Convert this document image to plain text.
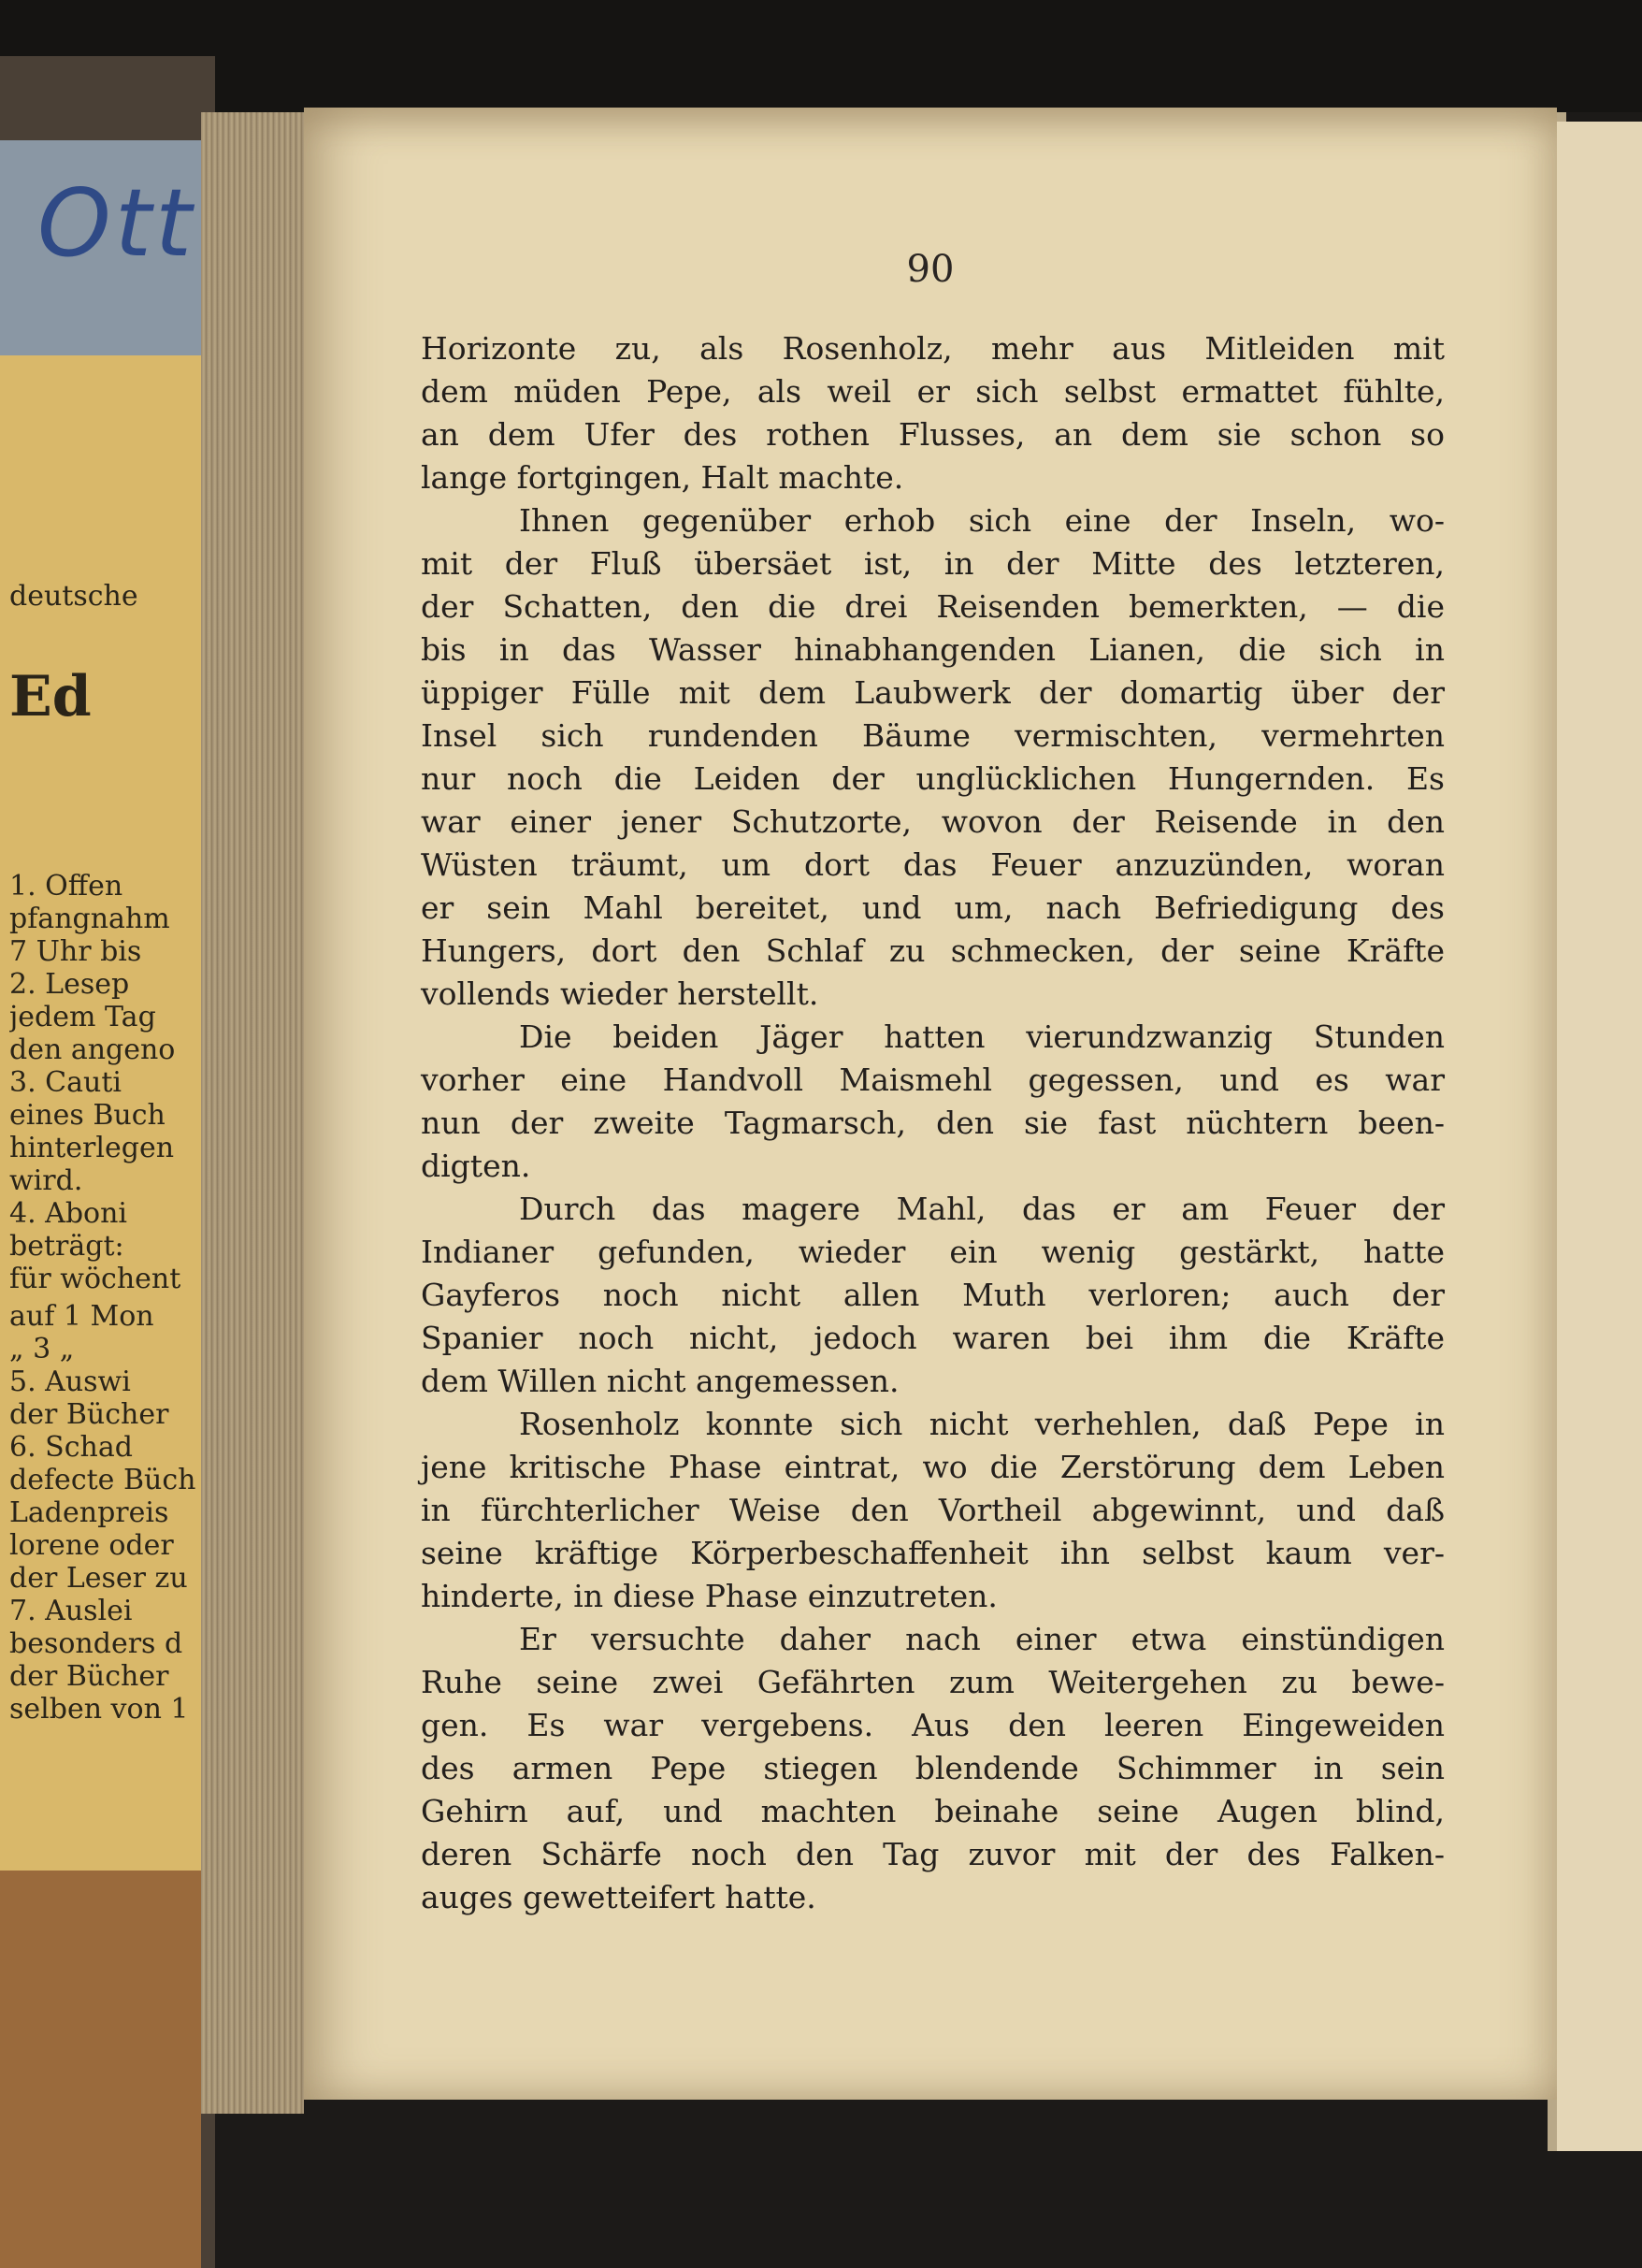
Ott
deutsche
Ed
1. Offen
pfangnahm
7 Uhr bis
2. Lesep
jedem Tag
den angeno
3. Cauti
eines Buch
hinterlegen
wird.
4. Aboni
beträgt:
für wöchent
auf 1 Mon
„ 3 „
5. Auswi
der Bücher
6. Schad
defecte Büch
Ladenpreis
lorene oder
der Leser zu
7. Auslei
besonders d
der Bücher
selben von 1
90
Horizonte zu, als Rosenholz, mehr aus Mitleiden mit
dem müden Pepe, als weil er sich selbst ermattet fühlte,
an dem Ufer des rothen Flusses, an dem sie schon so
lange fortgingen, Halt machte.
Ihnen gegenüber erhob sich eine der Inseln, wo-
mit der Fluß übersäet ist, in der Mitte des letzteren,
der Schatten, den die drei Reisenden bemerkten, — die
bis in das Wasser hinabhangenden Lianen, die sich in
üppiger Fülle mit dem Laubwerk der domartig über der
Insel sich rundenden Bäume vermischten, vermehrten
nur noch die Leiden der unglücklichen Hungernden. Es
war einer jener Schutzorte, wovon der Reisende in den
Wüsten träumt, um dort das Feuer anzuzünden, woran
er sein Mahl bereitet, und um, nach Befriedigung des
Hungers, dort den Schlaf zu schmecken, der seine Kräfte
vollends wieder herstellt.
Die beiden Jäger hatten vierundzwanzig Stunden
vorher eine Handvoll Maismehl gegessen, und es war
nun der zweite Tagmarsch, den sie fast nüchtern been-
digten.
Durch das magere Mahl, das er am Feuer der
Indianer gefunden, wieder ein wenig gestärkt, hatte
Gayferos noch nicht allen Muth verloren; auch der
Spanier noch nicht, jedoch waren bei ihm die Kräfte
dem Willen nicht angemessen.
Rosenholz konnte sich nicht verhehlen, daß Pepe in
jene kritische Phase eintrat, wo die Zerstörung dem Leben
in fürchterlicher Weise den Vortheil abgewinnt, und daß
seine kräftige Körperbeschaffenheit ihn selbst kaum ver-
hinderte, in diese Phase einzutreten.
Er versuchte daher nach einer etwa einstündigen
Ruhe seine zwei Gefährten zum Weitergehen zu bewe-
gen. Es war vergebens. Aus den leeren Eingeweiden
des armen Pepe stiegen blendende Schimmer in sein
Gehirn auf, und machten beinahe seine Augen blind,
deren Schärfe noch den Tag zuvor mit der des Falken-
auges gewetteifert hatte.
